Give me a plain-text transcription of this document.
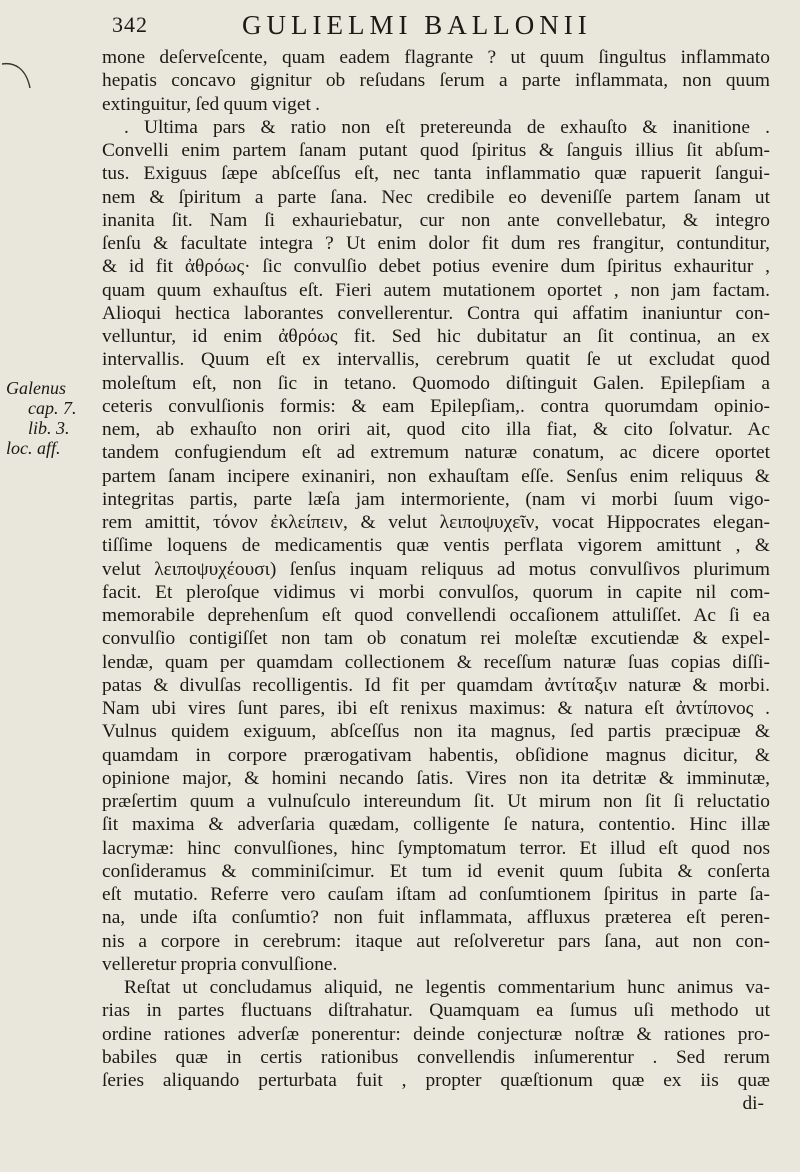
342	GULIELMI BALLONII
Galenus
cap. 7.
lib. 3.
loc. aff.
mone deſerveſcente, quam eadem flagrante ? ut quum ſingultus inflammato
hepatis concavo gignitur ob reſudans ſerum a parte inflammata, non quum
extinguitur, ſed quum viget .
. Ultima pars & ratio non eſt pretereunda de exhauſto & inanitione .
Convelli enim partem ſanam putant quod ſpiritus & ſanguis illius ſit abſum-
tus. Exiguus ſæpe abſceſſus eſt, nec tanta inflammatio quæ rapuerit ſangui-
nem & ſpiritum a parte ſana. Nec credibile eo deveniſſe partem ſanam ut
inanita ſit. Nam ſi exhauriebatur, cur non ante convellebatur, & integro
ſenſu & facultate integra ? Ut enim dolor fit dum res frangitur, contunditur,
& id fit ἀθρόως· ſic convulſio debet potius evenire dum ſpiritus exhauritur ,
quam quum exhauſtus eſt. Fieri autem mutationem oportet , non jam factam.
Alioqui hectica laborantes convellerentur. Contra qui affatim inaniuntur con-
velluntur, id enim ἀθρόως fit. Sed hic dubitatur an ſit continua, an ex
intervallis. Quum eſt ex intervallis, cerebrum quatit ſe ut excludat quod
moleſtum eſt, non ſic in tetano. Quomodo diſtinguit Galen. Epilepſiam a
ceteris convulſionis formis: & eam Epilepſiam,. contra quorumdam opinio-
nem, ab exhauſto non oriri ait, quod cito illa fiat, & cito ſolvatur. Ac
tandem confugiendum eſt ad extremum naturæ conatum, ac dicere oportet
partem ſanam incipere exinaniri, non exhauſtam eſſe. Senſus enim reliquus &
integritas partis, parte læſa jam intermoriente, (nam vi morbi ſuum vigo-
rem amittit, τόνον ἐκλείπειν, & velut λειποψυχεῖν, vocat Hippocrates elegan-
tiſſime loquens de medicamentis quæ ventis perflata vigorem amittunt , &
velut λειποψυχέουσι) ſenſus inquam reliquus ad motus convulſivos plurimum
facit. Et pleroſque vidimus vi morbi convulſos, quorum in capite nil com-
memorabile deprehenſum eſt quod convellendi occaſionem attuliſſet. Ac ſi ea
convulſio contigiſſet non tam ob conatum rei moleſtæ excutiendæ & expel-
lendæ, quam per quamdam collectionem & receſſum naturæ ſuas copias diſſi-
patas & divulſas recolligentis. Id fit per quamdam ἀντίταξιν naturæ & morbi.
Nam ubi vires ſunt pares, ibi eſt renixus maximus: & natura eſt ἀντίπονος .
Vulnus quidem exiguum, abſceſſus non ita magnus, ſed partis præcipuæ &
quamdam in corpore prærogativam habentis, obſidione magnus dicitur, &
opinione major, & homini necando ſatis. Vires non ita detritæ & imminutæ,
præſertim quum a vulnuſculo intereundum ſit. Ut mirum non ſit ſi reluctatio
ſit maxima & adverſaria quædam, colligente ſe natura, contentio. Hinc illæ
lacrymæ: hinc convulſiones, hinc ſymptomatum terror. Et illud eſt quod nos
conſideramus & comminiſcimur. Et tum id evenit quum ſubita & conſerta
eſt mutatio. Referre vero cauſam iſtam ad conſumtionem ſpiritus in parte ſa-
na, unde iſta conſumtio? non fuit inflammata, affluxus præterea eſt peren-
nis a corpore in cerebrum: itaque aut reſolveretur pars ſana, aut non con-
velleretur propria convulſione.
Reſtat ut concludamus aliquid, ne legentis commentarium hunc animus va-
rias in partes fluctuans diſtrahatur. Quamquam ea ſumus uſi methodo ut
ordine rationes adverſæ ponerentur: deinde conjecturæ noſtræ & rationes pro-
babiles quæ in certis rationibus convellendis inſumerentur . Sed rerum
ſeries aliquando perturbata fuit , propter quæſtionum quæ ex iis quæ
di-
